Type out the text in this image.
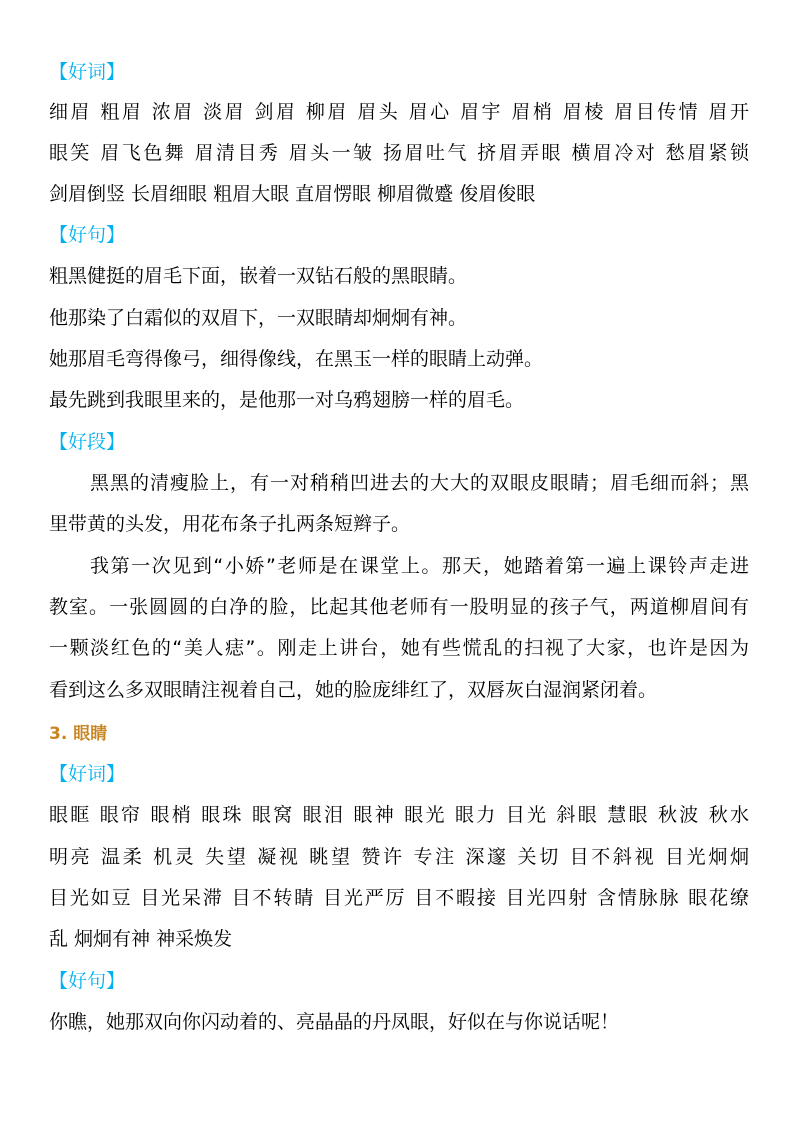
【好词】
细眉 粗眉 浓眉 淡眉 剑眉 柳眉 眉头 眉心 眉宇 眉梢 眉棱 眉目传情 眉开
眼笑 眉飞色舞 眉清目秀 眉头一皱 扬眉吐气 挤眉弄眼 横眉冷对 愁眉紧锁
剑眉倒竖 长眉细眼 粗眉大眼 直眉愣眼 柳眉微蹙 俊眉俊眼
【好句】
粗黑健挺的眉毛下面，嵌着一双钻石般的黑眼睛。
他那染了白霜似的双眉下，一双眼睛却炯炯有神。
她那眉毛弯得像弓，细得像线，在黑玉一样的眼睛上动弹。
最先跳到我眼里来的，是他那一对乌鸦翅膀一样的眉毛。
【好段】
黑黑的清瘦脸上，有一对稍稍凹进去的大大的双眼皮眼睛；眉毛细而斜；黑
里带黄的头发，用花布条子扎两条短辫子。
我第一次见到“小娇”老师是在课堂上。那天，她踏着第一遍上课铃声走进
教室。一张圆圆的白净的脸，比起其他老师有一股明显的孩子气，两道柳眉间有
一颗淡红色的“美人痣”。刚走上讲台，她有些慌乱的扫视了大家，也许是因为
看到这么多双眼睛注视着自己，她的脸庞绯红了，双唇灰白湿润紧闭着。
3. 眼睛
【好词】
眼眶 眼帘 眼梢 眼珠 眼窝 眼泪 眼神 眼光 眼力 目光 斜眼 慧眼 秋波 秋水
明亮 温柔 机灵 失望 凝视 眺望 赞许 专注 深邃 关切 目不斜视 目光炯炯
目光如豆 目光呆滞 目不转睛 目光严厉 目不暇接 目光四射 含情脉脉 眼花缭
乱 炯炯有神 神采焕发
【好句】
你瞧，她那双向你闪动着的、亮晶晶的丹凤眼，好似在与你说话呢！
